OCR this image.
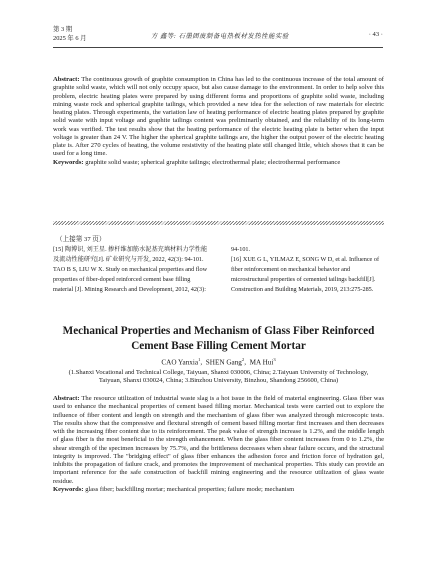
第 3 期
2025 年 6 月	方 鑫等: 石墨固废制备电热板材发热性能实验	· 43 ·

Abstract: The continuous growth of graphite consumption in China has led to the continuous increase of the total amount of graphite solid waste, which will not only occupy space, but also cause damage to the environment. In order to help solve this problem, electric heating plates were prepared by using different forms and proportions of graphite solid waste, including mining waste rock and spherical graphite tailings, which provided a new idea for the selection of raw materials for electric heating plates. Through experiments, the variation law of heating performance of electric heating plates prepared by graphite solid waste with input voltage and graphite tailings content was preliminarily obtained, and the reliability of its long-term work was verified. The test results show that the heating performance of the electric heating plate is better when the input voltage is greater than 24 V. The higher the spherical graphite tailings are, the higher the output power of the electric heating plate is. After 270 cycles of heating, the volume resistivity of the heating plate still changed little, which shows that it can be used for a long time.

Keywords: graphite solid waste; spherical graphite tailings; electrothermal plate; electrothermal performance

（上接第 37 页）

[15] 陶博识, 刘王星. 掺杆维加筋水泥基充填材料力学性能及流动性能研究[J]. 矿业研究与开发, 2022, 42(3): 94-101.

TAO B S, LIU W X. Study on mechanical properties and flow properties of fiber-doped reinforced cement base filling material [J]. Mining Research and Development, 2012, 42(3):

94-101.

[16] XUE G L, YILMAZ E, SONG W D, et al. Influence of fiber reinforcement on mechanical behavior and microstructural properties of cemented tailings backfill[J]. Construction and Building Materials, 2019, 213:275-285.

Mechanical Properties and Mechanism of Glass Fiber Reinforced Cement Base Filling Cement Mortar
CAO Yanxia$^1$,  SHEN Gang$^2$,  MA Hui$^3$
(1.Shanxi Vocational and Technical College, Taiyuan, Shanxi 030006, China; 2.Taiyuan University of Technology, Taiyuan, Shanxi 030024, China; 3.Binzhou University, Binzhou, Shandong 256600, China)

Abstract: The resource utilization of industrial waste slag is a hot issue in the field of material engineering. Glass fiber was used to enhance the mechanical properties of cement based filling mortar. Mechanical tests were carried out to explore the influence of fiber content and length on strength and the mechanism of glass fiber was analyzed through microscopic tests. The results show that the compressive and flextural strength of cement based filling mortar first increases and then decreases with the increasing fiber content due to its reinforcement. The peak value of strength increase is 1.2%, and the middle length of glass fiber is the most beneficial to the strength enhancement. When the glass fiber content increases from 0 to 1.2%, the shear strength of the specimen increases by 75.7%, and the brittleness decreases when shear failure occurs, and the structural integrity is improved. The "bridging effect" of glass fiber enhances the adhesion force and friction force of hydration gel, inhibits the propagation of failure crack, and promotes the improvement of mechanical properties. This study can provide an important reference for the safe construction of backfill mining engineering and the resource utilization of glass waste residue.

Keywords: glass fiber; backfilling mortar; mechanical properties; failure mode; mechanism
